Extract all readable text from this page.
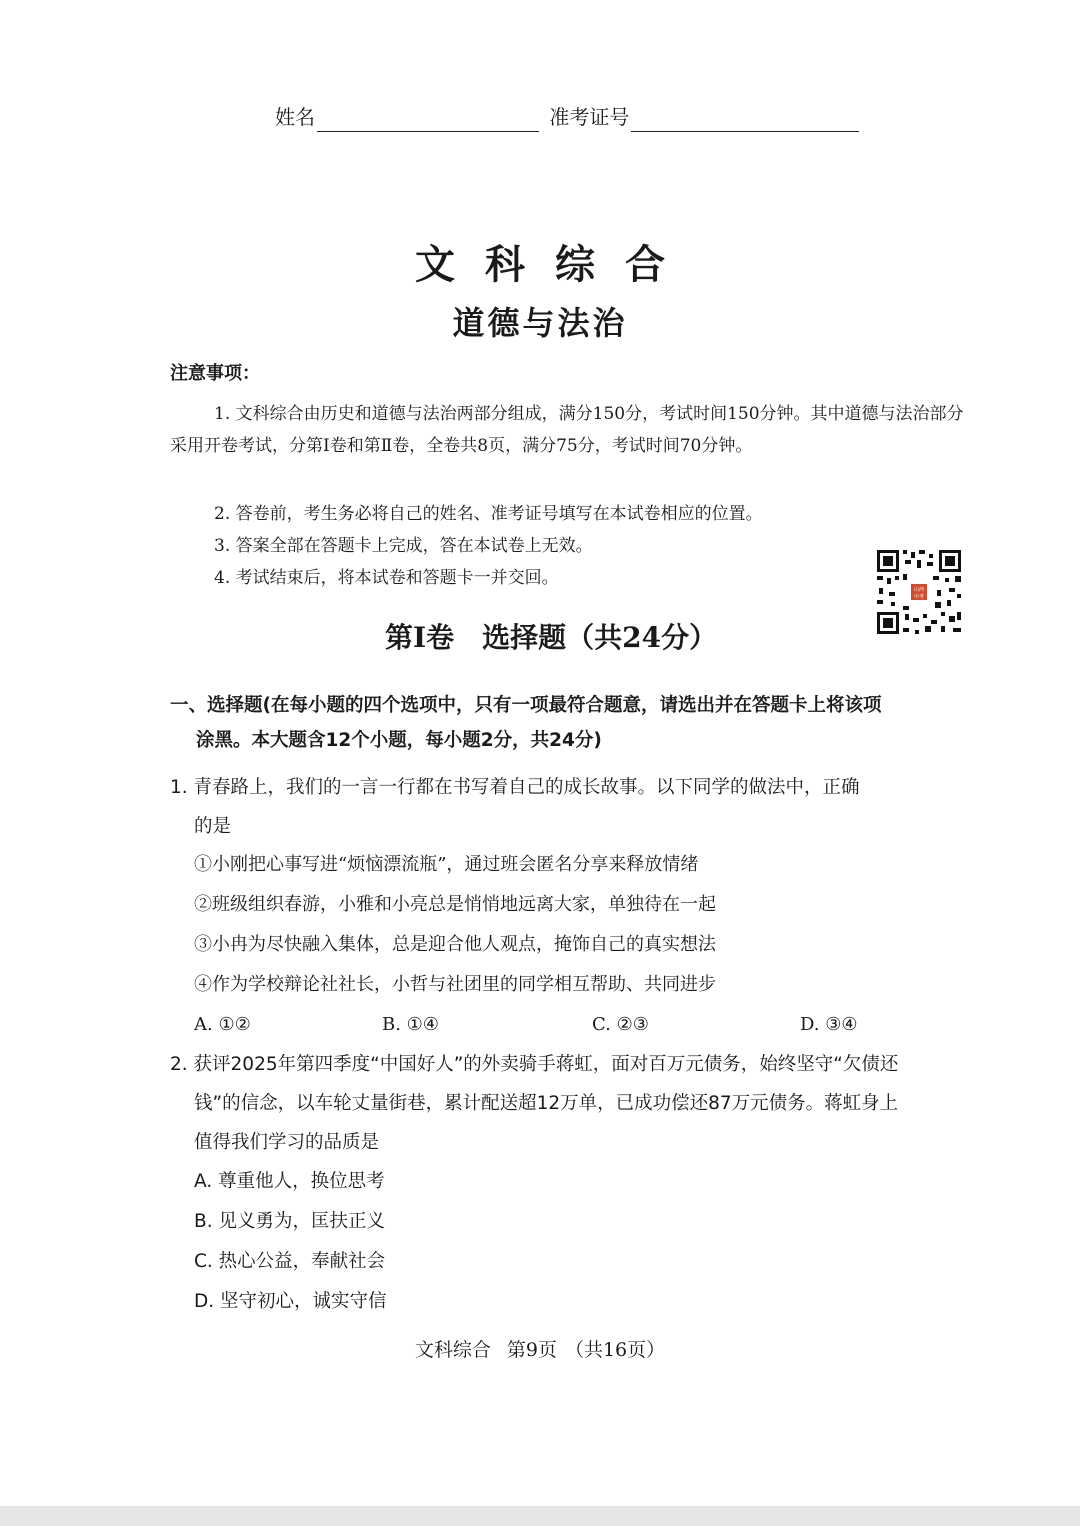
姓名	准考证号
文科综合
道德与法治
注意事项：
1. 文科综合由历史和道德与法治两部分组成，满分150分，考试时间150分钟。其中道德与法治部分采用开卷考试，分第Ⅰ卷和第Ⅱ卷，全卷共8页，满分75分，考试时间70分钟。
2. 答卷前，考生务必将自己的姓名、准考证号填写在本试卷相应的位置。
3. 答案全部在答题卡上完成，答在本试卷上无效。
4. 考试结束后，将本试卷和答题卡一并交回。
山西
中考
第Ⅰ卷 选择题（共24分）
一、选择题(在每小题的四个选项中，只有一项最符合题意，请选出并在答题卡上将该项
涂黑。本大题含12个小题，每小题2分，共24分)
1. 青春路上，我们的一言一行都在书写着自己的成长故事。以下同学的做法中，正确
的是
①小刚把心事写进“烦恼漂流瓶”，通过班会匿名分享来释放情绪
②班级组织春游，小雅和小亮总是悄悄地远离大家，单独待在一起
③小冉为尽快融入集体，总是迎合他人观点，掩饰自己的真实想法
④作为学校辩论社社长，小哲与社团里的同学相互帮助、共同进步
A. ①②	B. ①④	C. ②③	D. ③④
2. 获评2025年第四季度“中国好人”的外卖骑手蒋虹，面对百万元债务，始终坚守“欠债还
钱”的信念，以车轮丈量街巷，累计配送超12万单，已成功偿还87万元债务。蒋虹身上
值得我们学习的品质是
A. 尊重他人，换位思考
B. 见义勇为，匡扶正义
C. 热心公益，奉献社会
D. 坚守初心，诚实守信
文科综合 第9页 （共16页）
